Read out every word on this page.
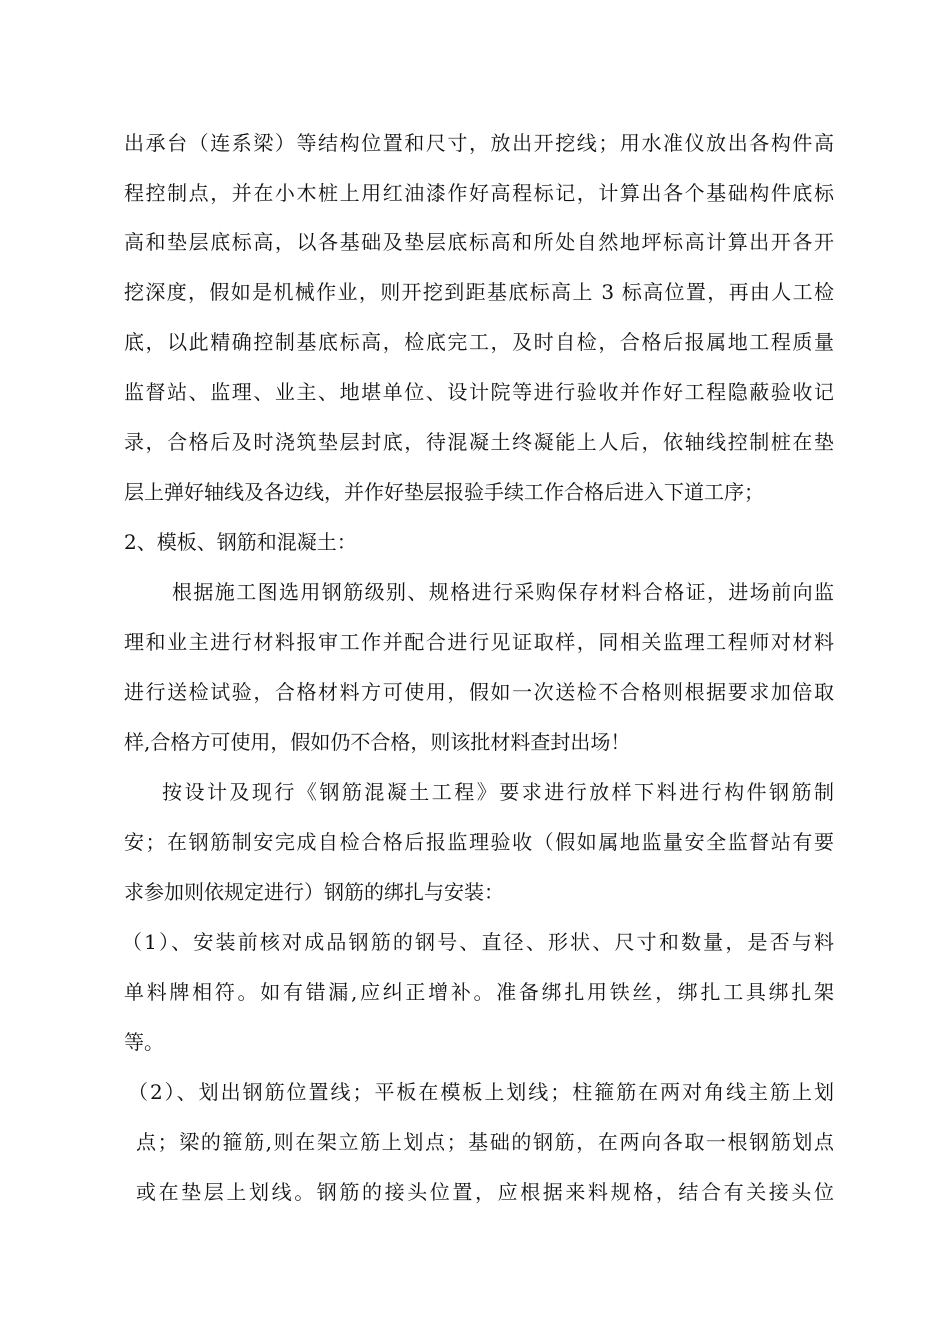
出承台（连系梁）等结构位置和尺寸，放出开挖线；用水准仪放出各构件高
程控制点，并在小木桩上用红油漆作好高程标记，计算出各个基础构件底标
高和垫层底标高，以各基础及垫层底标高和所处自然地坪标高计算出开各开
挖深度，假如是机械作业，则开挖到距基底标高上 3 标高位置，再由人工检
底，以此精确控制基底标高，检底完工，及时自检，合格后报属地工程质量
监督站、监理、业主、地堪单位、设计院等进行验收并作好工程隐蔽验收记
录，合格后及时浇筑垫层封底，待混凝土终凝能上人后，依轴线控制桩在垫
层上弹好轴线及各边线，并作好垫层报验手续工作合格后进入下道工序；
2、模板、钢筋和混凝土：
根据施工图选用钢筋级别、规格进行采购保存材料合格证，进场前向监
理和业主进行材料报审工作并配合进行见证取样，同相关监理工程师对材料
进行送检试验，合格材料方可使用，假如一次送检不合格则根据要求加倍取
样,合格方可使用，假如仍不合格，则该批材料查封出场！
按设计及现行《钢筋混凝土工程》要求进行放样下料进行构件钢筋制
安；在钢筋制安完成自检合格后报监理验收（假如属地监量安全监督站有要
求参加则依规定进行）钢筋的绑扎与安装：
（1）、安装前核对成品钢筋的钢号、直径、形状、尺寸和数量，是否与料
单料牌相符。如有错漏,应纠正增补。准备绑扎用铁丝，绑扎工具绑扎架
等。
（2）、划出钢筋位置线；平板在模板上划线；柱箍筋在两对角线主筋上划
点；梁的箍筋,则在架立筋上划点；基础的钢筋，在两向各取一根钢筋划点
或在垫层上划线。钢筋的接头位置，应根据来料规格，结合有关接头位
